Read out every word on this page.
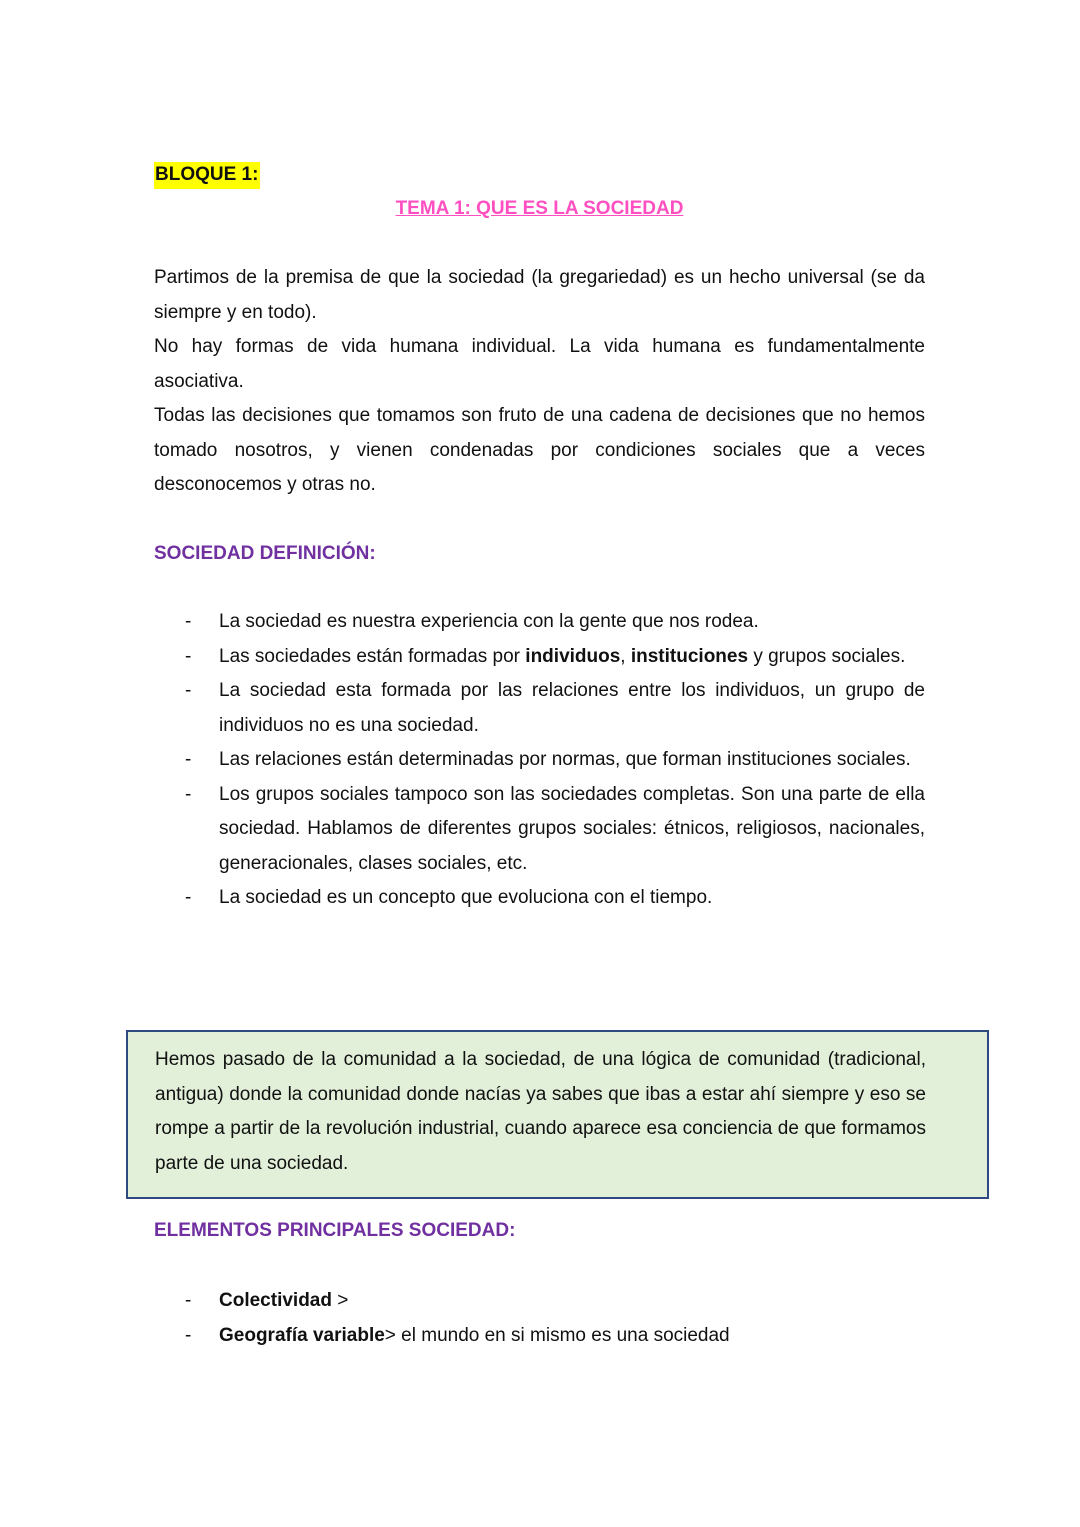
BLOQUE 1:
TEMA 1: QUE ES LA SOCIEDAD

Partimos de la premisa de que la sociedad (la gregariedad) es un hecho universal (se da siempre y en todo).

No hay formas de vida humana individual. La vida humana es fundamentalmente asociativa.

Todas las decisiones que tomamos son fruto de una cadena de decisiones que no hemos tomado nosotros, y vienen condenadas por condiciones sociales que a veces desconocemos y otras no.

SOCIEDAD DEFINICIÓN:
- La sociedad es nuestra experiencia con la gente que nos rodea.
- Las sociedades están formadas por individuos, instituciones y grupos sociales.
- La sociedad esta formada por las relaciones entre los individuos, un grupo de individuos no es una sociedad.
- Las relaciones están determinadas por normas, que forman instituciones sociales.
- Los grupos sociales tampoco son las sociedades completas. Son una parte de ella sociedad. Hablamos de diferentes grupos sociales: étnicos, religiosos, nacionales, generacionales, clases sociales, etc.
- La sociedad es un concepto que evoluciona con el tiempo.

Hemos pasado de la comunidad a la sociedad, de una lógica de comunidad (tradicional, antigua) donde la comunidad donde nacías ya sabes que ibas a estar ahí siempre y eso se rompe a partir de la revolución industrial, cuando aparece esa conciencia de que formamos parte de una sociedad.

ELEMENTOS PRINCIPALES SOCIEDAD:
- Colectividad >
- Geografía variable> el mundo en si mismo es una sociedad
